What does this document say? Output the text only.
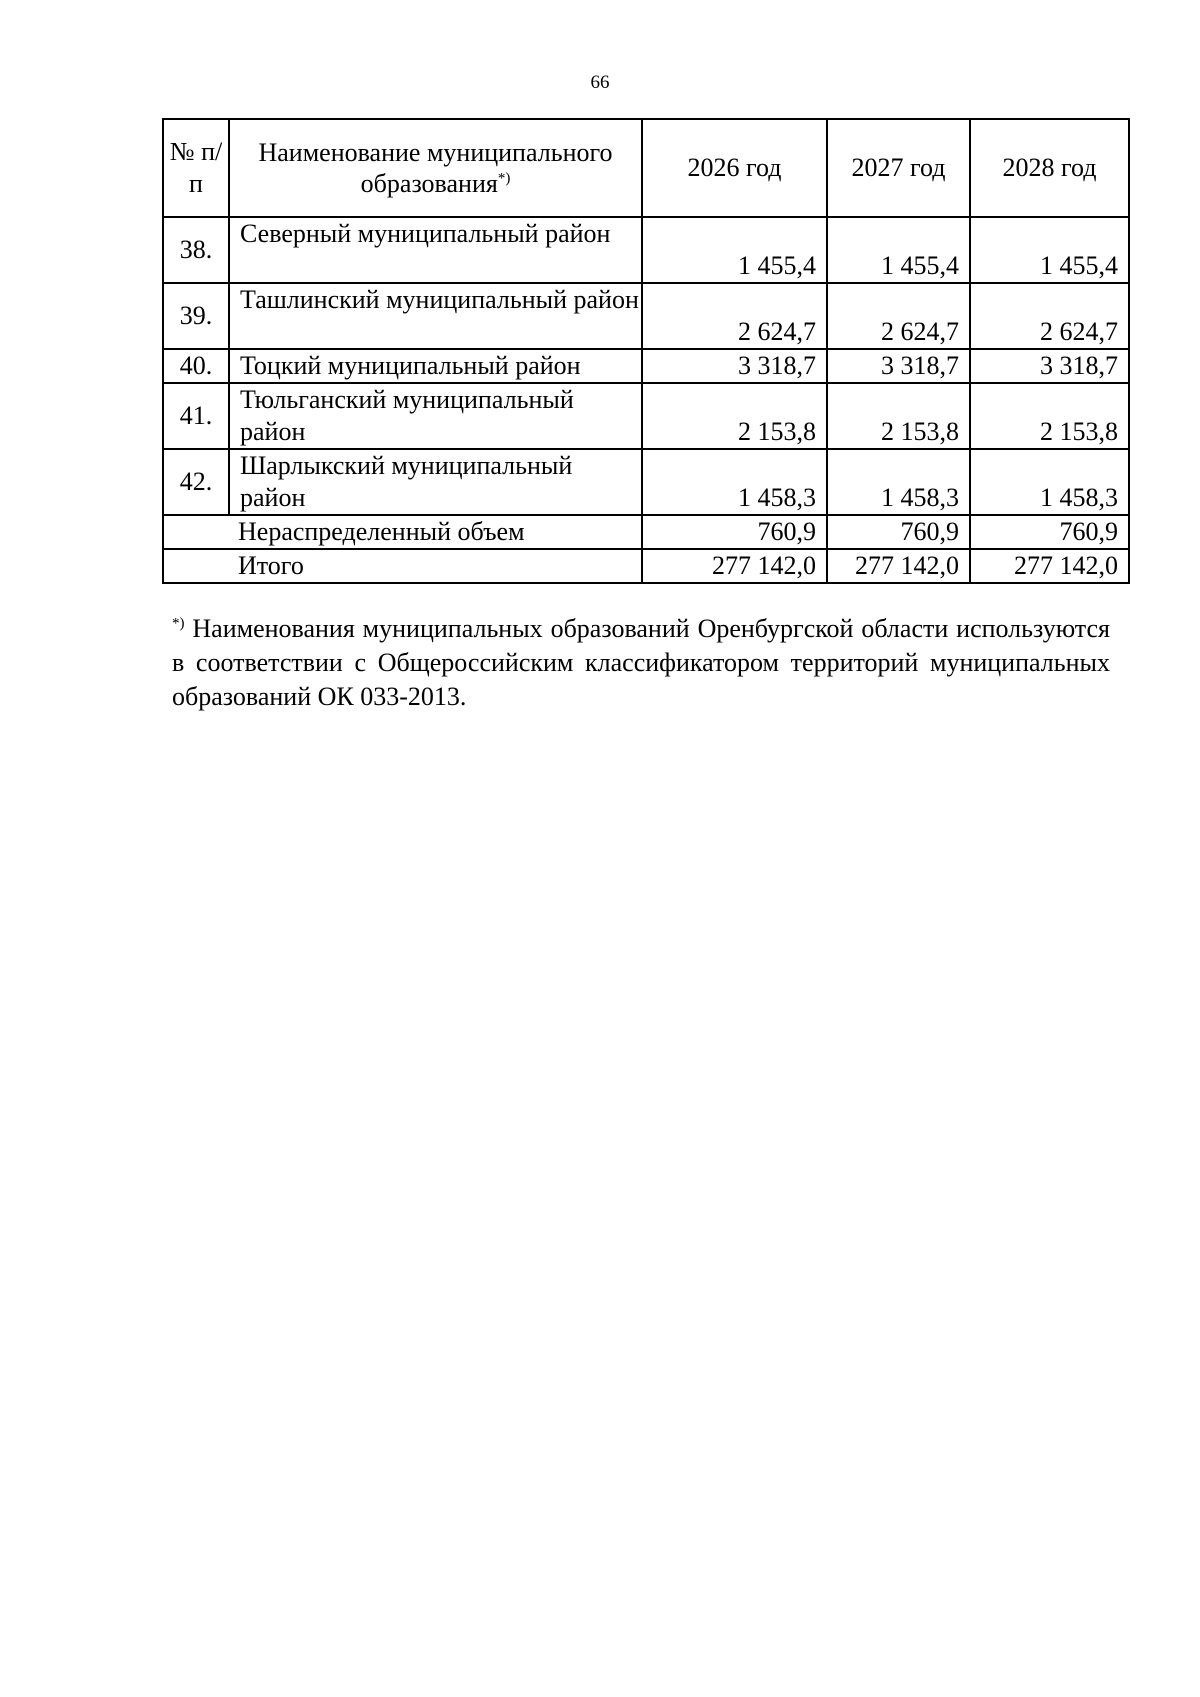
66
№ п/п	Наименование муниципального образования*)	2026 год	2027 год	2028 год
38.	Северный муниципальный район	1 455,4	1 455,4	1 455,4
39.	Ташлинский муниципальный район	2 624,7	2 624,7	2 624,7
40.	Тоцкий муниципальный район	3 318,7	3 318,7	3 318,7
41.	Тюльганский муниципальный район	2 153,8	2 153,8	2 153,8
42.	Шарлыкский муниципальный район	1 458,3	1 458,3	1 458,3
Нераспределенный объем		760,9	760,9	760,9
Итого		277 142,0	277 142,0	277 142,0
*) Наименования муниципальных образований Оренбургской области используются в соответствии с Общероссийским классификатором территорий муниципальных образований ОК 033-2013.
